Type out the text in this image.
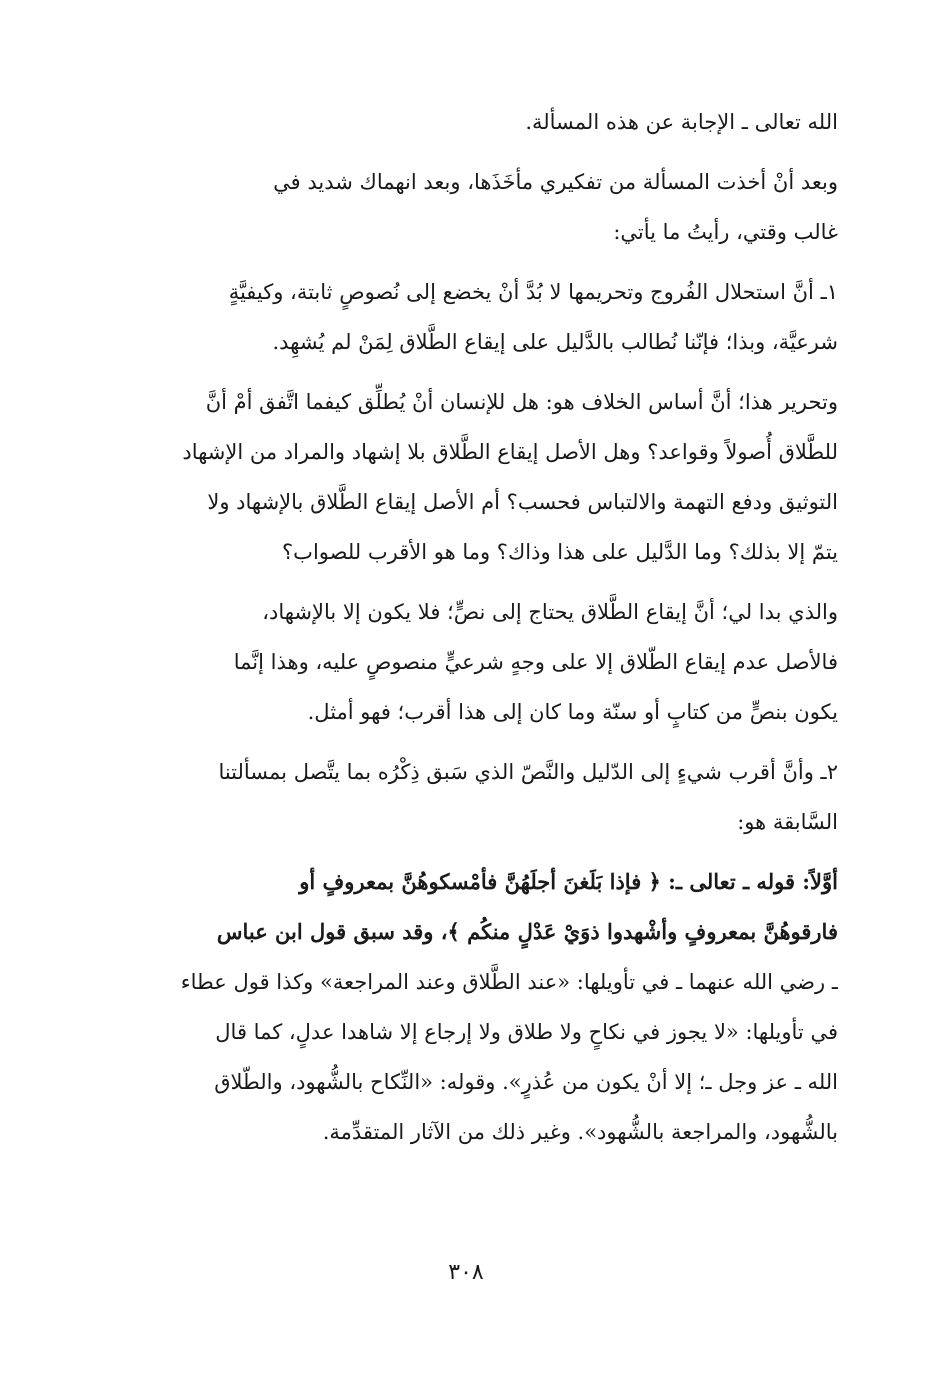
الله تعالى ـ الإجابة عن هذه المسألة.

وبعد أنْ أخذت المسألة من تفكيري مأخَذَها، وبعد انهماك شديد في
غالب وقتي، رأيتُ ما يأتي:

١ـ أنَّ استحلال الفُروج وتحريمها لا بُدَّ أنْ يخضع إلى نُصوصٍ ثابتة، وكيفيَّةٍ
شرعيَّة، وبذا؛ فإنّنا نُطالب بالدَّليل على إيقاع الطَّلاق لِمَنْ لم يُشهِد.

وتحرير هذا؛ أنَّ أساس الخلاف هو: هل للإنسان أنْ يُطلِّق كيفما اتَّفق أمْ أنَّ
للطَّلاق أُصولاً وقواعد؟ وهل الأصل إيقاع الطَّلاق بلا إشهاد والمراد من الإشهاد
التوثيق ودفع التهمة والالتباس فحسب؟ أم الأصل إيقاع الطَّلاق بالإشهاد ولا
يتمّ إلا بذلك؟ وما الدَّليل على هذا وذاك؟ وما هو الأقرب للصواب؟

والذي بدا لي؛ أنَّ إيقاع الطَّلاق يحتاج إلى نصٍّ؛ فلا يكون إلا بالإشهاد،
فالأصل عدم إيقاع الطّلاق إلا على وجهٍ شرعيٍّ منصوصٍ عليه، وهذا إنَّما
يكون بنصٍّ من كتابٍ أو سنّة وما كان إلى هذا أقرب؛ فهو أمثل.

٢ـ وأنَّ أقرب شيءٍ إلى الدّليل والنَّصّ الذي سَبق ذِكْرُه بما يتَّصل بمسألتنا
السَّابقة هو:

أوَّلاً: قوله ـ تعالى ـ: ﴿ فإذا بَلَغنَ أجلَهُنَّ فأمْسكوهُنَّ بمعروفٍ أو
فارقوهُنَّ بمعروفٍ وأشْهدوا ذوَيْ عَدْلٍ منكُم ﴾، وقد سبق قول ابن عباس
ـ رضي الله عنهما ـ في تأويلها: «عند الطَّلاق وعند المراجعة» وكذا قول عطاء
في تأويلها: «لا يجوز في نكاحٍ ولا طلاق ولا إرجاع إلا شاهدا عدلٍ، كما قال
الله ـ عز وجل ـ؛ إلا أنْ يكون من عُذرٍ». وقوله: «النِّكاح بالشُّهود، والطّلاق
بالشُّهود، والمراجعة بالشُّهود». وغير ذلك من الآثار المتقدِّمة.

٣٠٨
